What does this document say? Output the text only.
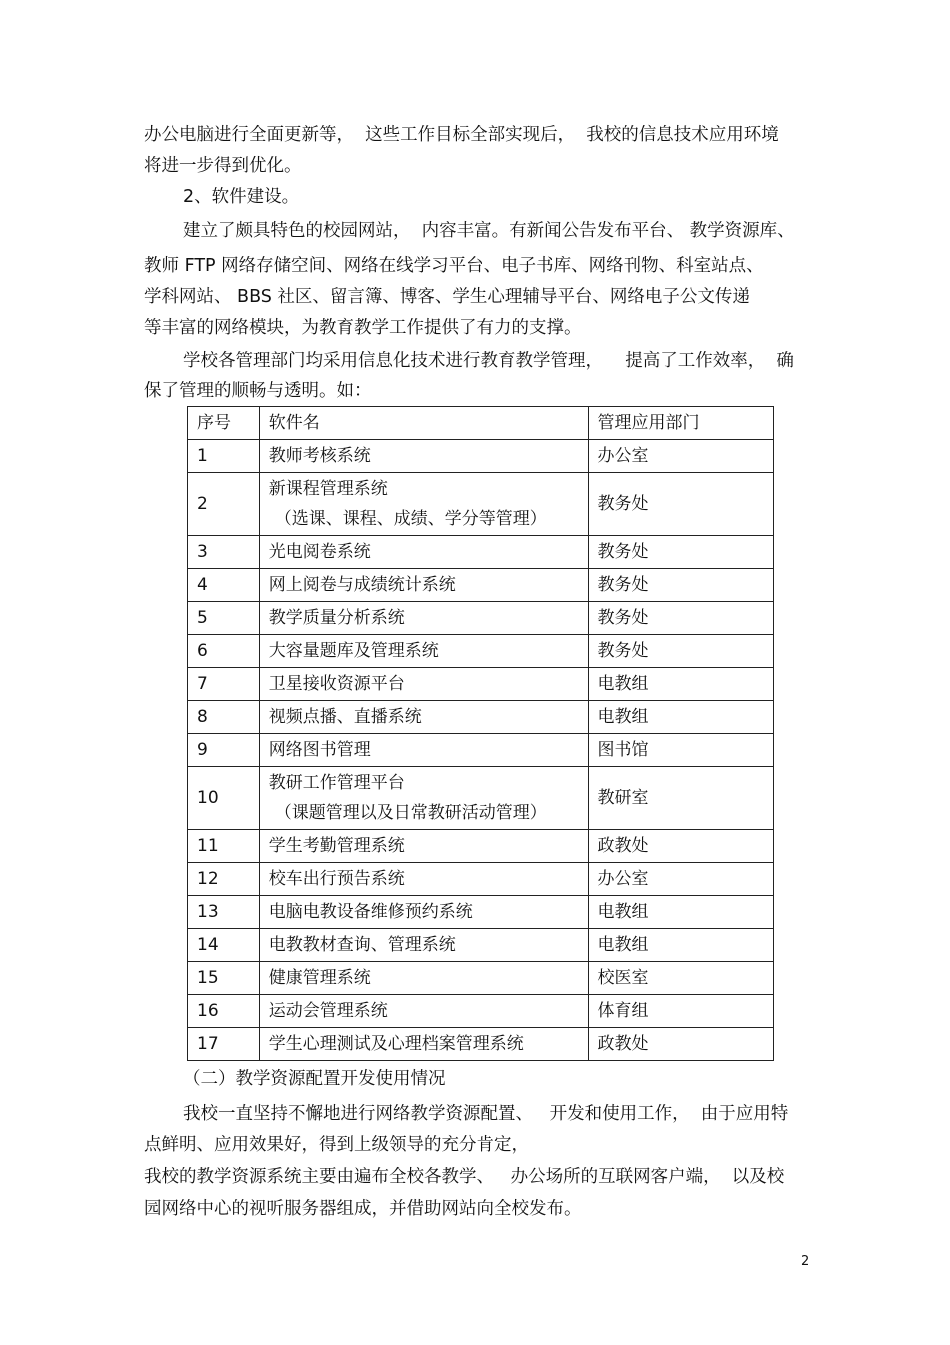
办公电脑进行全面更新等，  这些工作目标全部实现后，  我校的信息技术应用环境
将进一步得到优化。
2、软件建设。
建立了颇具特色的校园网站，  内容丰富。有新闻公告发布平台、 教学资源库、
教师 FTP 网络存储空间、网络在线学习平台、电子书库、网络刊物、科室站点、
学科网站、 BBS 社区、留言簿、博客、学生心理辅导平台、网络电子公文传递
等丰富的网络模块，为教育教学工作提供了有力的支撑。
学校各管理部门均采用信息化技术进行教育教学管理，    提高了工作效率，  确
保了管理的顺畅与透明。如：
序号	软件名	管理应用部门
1	教师考核系统	办公室
2	新课程管理系统
（选课、课程、成绩、学分等管理）	教务处
3	光电阅卷系统	教务处
4	网上阅卷与成绩统计系统	教务处
5	教学质量分析系统	教务处
6	大容量题库及管理系统	教务处
7	卫星接收资源平台	电教组
8	视频点播、直播系统	电教组
9	网络图书管理	图书馆
10	教研工作管理平台
（课题管理以及日常教研活动管理）	教研室
11	学生考勤管理系统	政教处
12	校车出行预告系统	办公室
13	电脑电教设备维修预约系统	电教组
14	电教教材查询、管理系统	电教组
15	健康管理系统	校医室
16	运动会管理系统	体育组
17	学生心理测试及心理档案管理系统	政教处
（二）教学资源配置开发使用情况
我校一直坚持不懈地进行网络教学资源配置、   开发和使用工作，  由于应用特
点鲜明、应用效果好，得到上级领导的充分肯定，
我校的教学资源系统主要由遍布全校各教学、   办公场所的互联网客户端，  以及校
园网络中心的视听服务器组成，并借助网站向全校发布。
2
